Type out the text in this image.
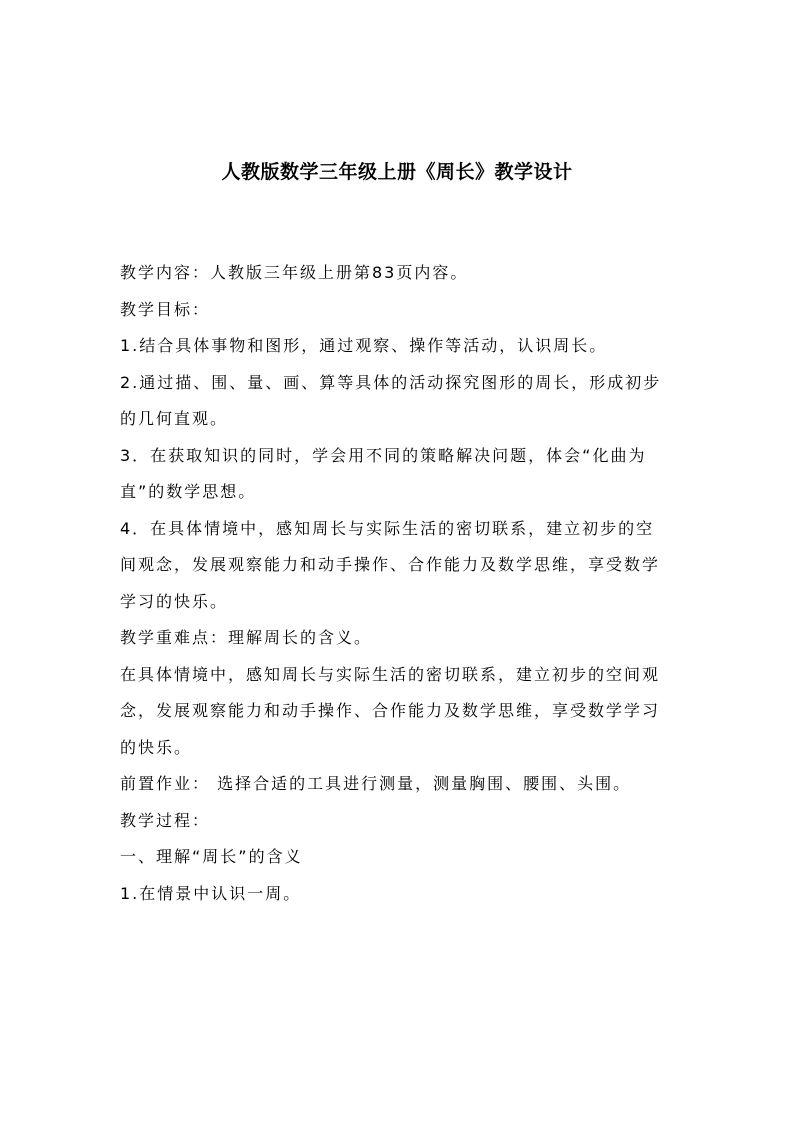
人教版数学三年级上册《周长》教学设计

教学内容：人教版三年级上册第83页内容。

教学目标：

1.结合具体事物和图形，通过观察、操作等活动，认识周长。

2.通过描、围、量、画、算等具体的活动探究图形的周长，形成初步

的几何直观。

3．在获取知识的同时，学会用不同的策略解决问题，体会“化曲为

直”的数学思想。

4．在具体情境中，感知周长与实际生活的密切联系，建立初步的空

间观念，发展观察能力和动手操作、合作能力及数学思维，享受数学

学习的快乐。

教学重难点：理解周长的含义。

在具体情境中，感知周长与实际生活的密切联系，建立初步的空间观

念，发展观察能力和动手操作、合作能力及数学思维，享受数学学习

的快乐。

前置作业： 选择合适的工具进行测量，测量胸围、腰围、头围。

教学过程：

一、理解“周长”的含义

1.在情景中认识一周。
